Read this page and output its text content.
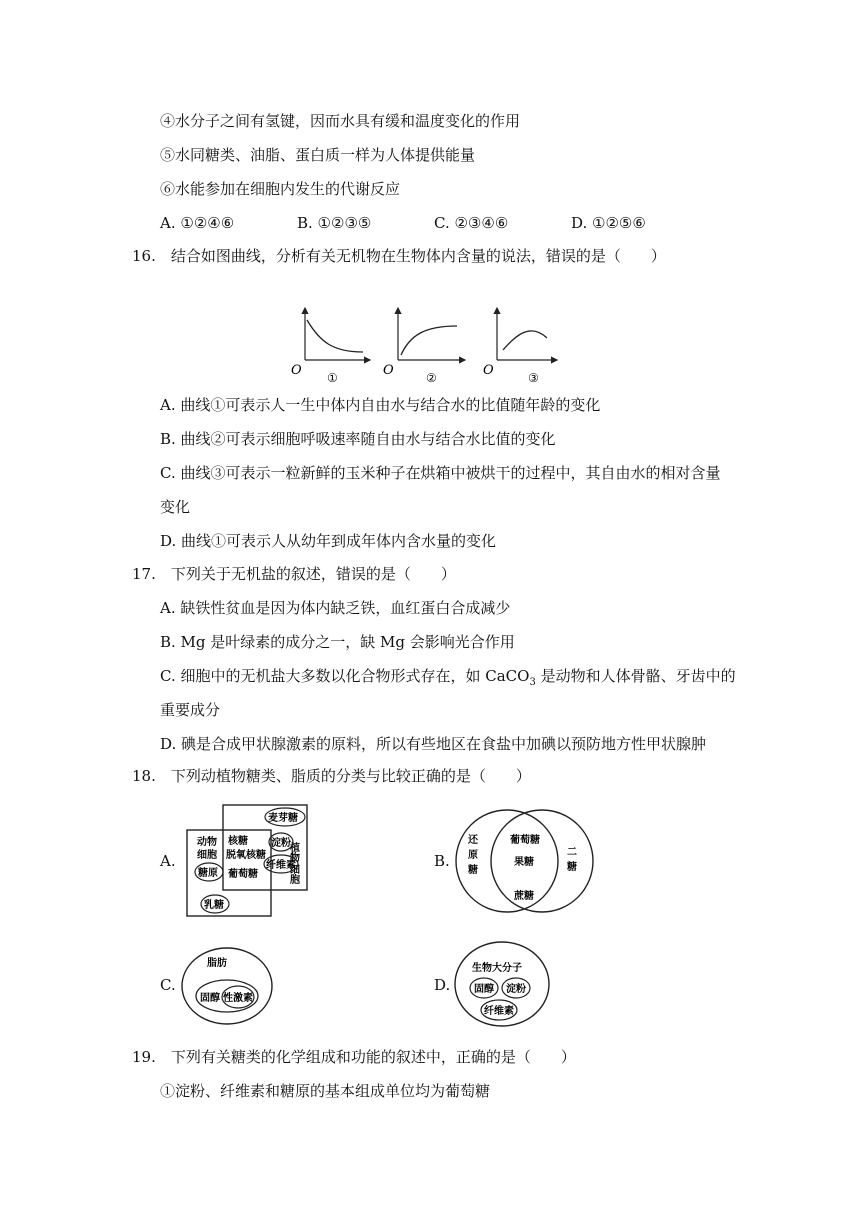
④水分子之间有氢键，因而水具有缓和温度变化的作用
⑤水同糖类、油脂、蛋白质一样为人体提供能量
⑥水能参加在细胞内发生的代谢反应
A. ①②④⑥	B. ①②③⑤	C. ②③④⑥	D. ①②⑤⑥
16.　结合如图曲线，分析有关无机物在生物体内含量的说法，错误的是（　　）
O ①	O	②	O	③
A. 曲线①可表示人一生中体内自由水与结合水的比值随年龄的变化
B. 曲线②可表示细胞呼吸速率随自由水与结合水比值的变化
C. 曲线③可表示一粒新鲜的玉米种子在烘箱中被烘干的过程中，其自由水的相对含量
变化
D. 曲线①可表示人从幼年到成年体内含水量的变化
17.　下列关于无机盐的叙述，错误的是（　　）
A. 缺铁性贫血是因为体内缺乏铁，血红蛋白合成减少
B. Mg 是叶绿素的成分之一，缺 Mg 会影响光合作用
C. 细胞中的无机盐大多数以化合物形式存在，如 CaCO$_3$ 是动物和人体骨骼、牙齿中的
重要成分
D. 碘是合成甲状腺激素的原料，所以有些地区在食盐中加碘以预防地方性甲状腺肿
18.　下列动植物糖类、脂质的分类与比较正确的是（　　）
A.
动物
细胞	植物
细胞
核糖
脱氧核糖
葡萄糖
麦芽糖
淀粉
纤维素
糖原
乳糖
B.
还
原
糖
二
糖
葡萄糖
果糖
蔗糖
C.
脂肪
固醇 性激素
D.
生物大分子
固醇 淀粉
纤维素
19.　下列有关糖类的化学组成和功能的叙述中，正确的是（　　）
①淀粉、纤维素和糖原的基本组成单位均为葡萄糖
